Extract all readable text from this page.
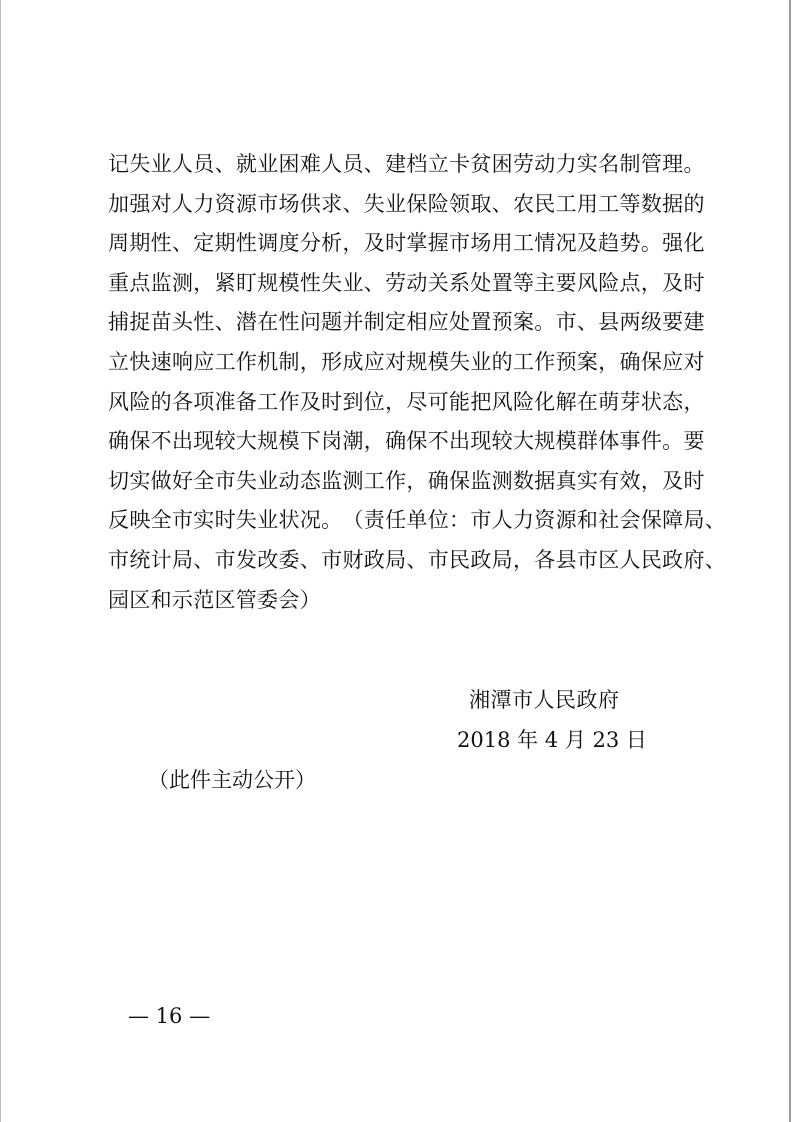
记 失 业 人 员 、 就 业 困 难 人 员 、 建 档 立 卡 贫 困 劳 动 力 实 名 制 管 理 。
加 强 对 人 力 资 源 市 场 供 求 、 失 业 保 险 领 取 、 农 民 工 用 工 等 数 据 的
周 期 性 、 定 期 性 调 度 分 析 ， 及 时 掌 握 市 场 用 工 情 况 及 趋 势 。 强 化
重 点 监 测 ， 紧 盯 规 模 性 失 业 、 劳 动 关 系 处 置 等 主 要 风 险 点 ， 及 时
捕 捉 苗 头 性 、 潜 在 性 问 题 并 制 定 相 应 处 置 预 案 。 市 、 县 两 级 要 建
立 快 速 响 应 工 作 机 制 ， 形 成 应 对 规 模 失 业 的 工 作 预 案 ， 确 保 应 对
风 险 的 各 项 准 备 工 作 及 时 到 位 ， 尽 可 能 把 风 险 化 解 在 萌 芽 状 态 ，
确 保 不 出 现 较 大 规 模 下 岗 潮 ， 确 保 不 出 现 较 大 规 模 群 体 事 件 。 要
切 实 做 好 全 市 失 业 动 态 监 测 工 作 ， 确 保 监 测 数 据 真 实 有 效 ， 及 时
反 映 全 市 实 时 失 业 状 况 。 （ 责 任 单 位 ： 市 人 力 资 源 和 社 会 保 障 局 、
市 统 计 局 、 市 发 改 委 、 市 财 政 局 、 市 民 政 局 ， 各 县 市 区 人 民 政 府 、
园区和示范区管委会）
湘潭市人民政府
2018 年 4 月 23 日
（此件主动公开）
— 16 —
